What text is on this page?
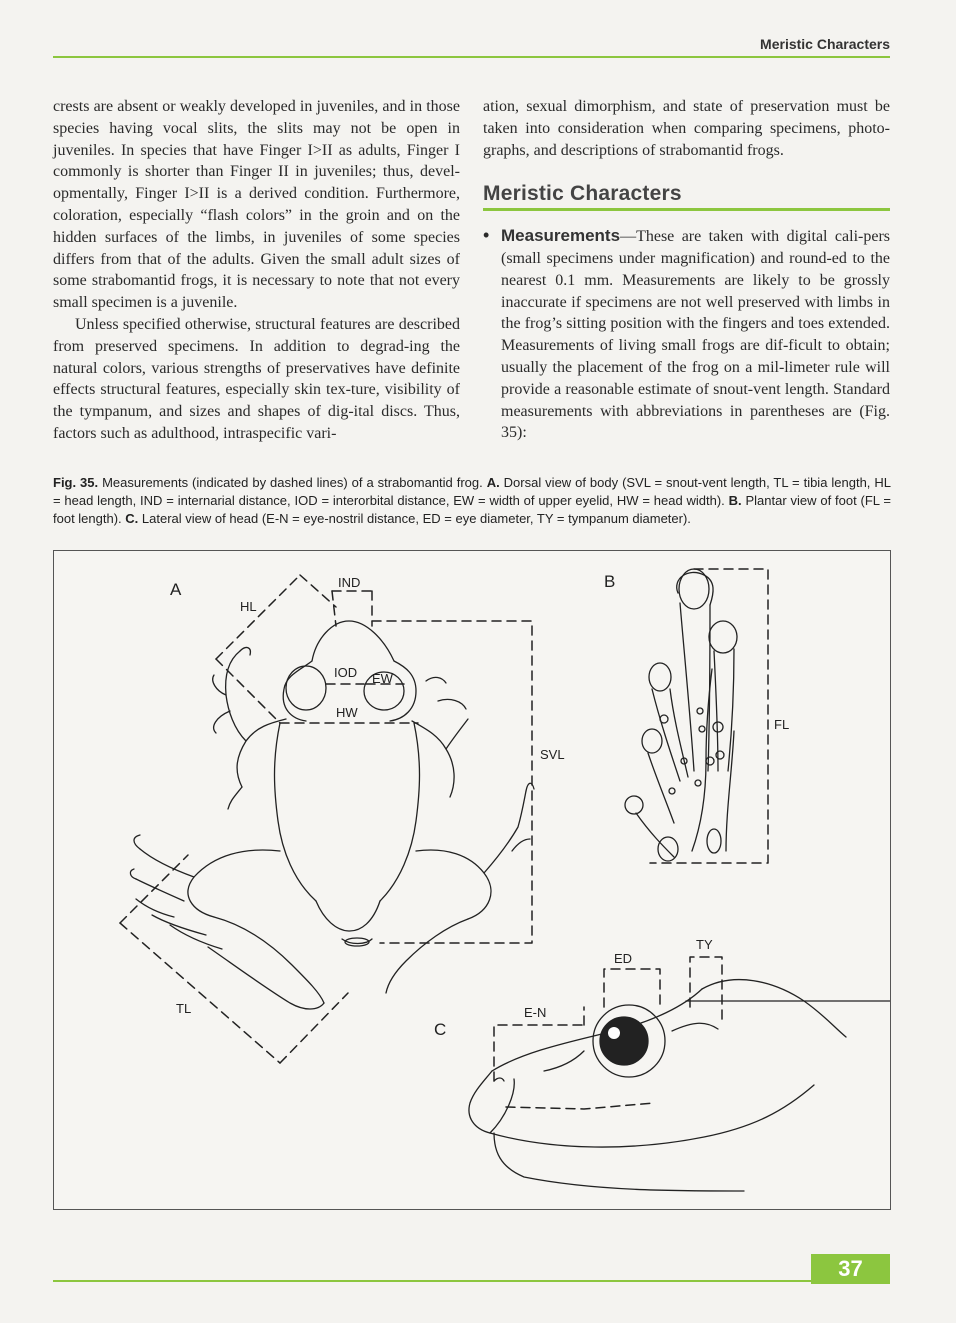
Meristic Characters

crests are absent or weakly developed in juveniles, and in those species having vocal slits, the slits may not be open in juveniles. In species that have Finger I>II as adults, Finger I commonly is shorter than Finger II in juveniles; thus, devel-opmentally, Finger I>II is a derived condition. Furthermore, coloration, especially “flash colors” in the groin and on the hidden surfaces of the limbs, in juveniles of some species differs from that of the adults. Given the small adult sizes of some strabomantid frogs, it is necessary to note that not every small specimen is a juvenile.

Unless specified otherwise, structural features are described from preserved specimens. In addition to degrad-ing the natural colors, various strengths of preservatives have definite effects structural features, especially skin tex-ture, visibility of the tympanum, and sizes and shapes of dig-ital discs. Thus, factors such as adulthood, intraspecific vari-

ation, sexual dimorphism, and state of preservation must be taken into consideration when comparing specimens, photo-graphs, and descriptions of strabomantid frogs.

Meristic Characters
• Measurements—These are taken with digital cali-pers (small specimens under magnification) and round-ed to the nearest 0.1 mm. Measurements are likely to be grossly inaccurate if specimens are not well preserved with limbs in the frog’s sitting position with the fingers and toes extended. Measurements of living small frogs are dif-ficult to obtain; usually the placement of the frog on a mil-limeter rule will provide a reasonable estimate of snout-vent length. Standard measurements with abbreviations in parentheses are (Fig. 35):
Fig. 35. Measurements (indicated by dashed lines) of a strabomantid frog. A. Dorsal view of body (SVL = snout-vent length, TL = tibia length, HL = head length, IND = internarial distance, IOD = interorbital distance, EW = width of upper eyelid, HW = head width). B. Plantar view of foot (FL = foot length). C. Lateral view of head (E-N = eye-nostril distance, ED = eye diameter, TY = tympanum diameter).
A	B
C
IND
HL
IOD EW
HW
SVL
TL
FL
ED
TY
E-N
37
